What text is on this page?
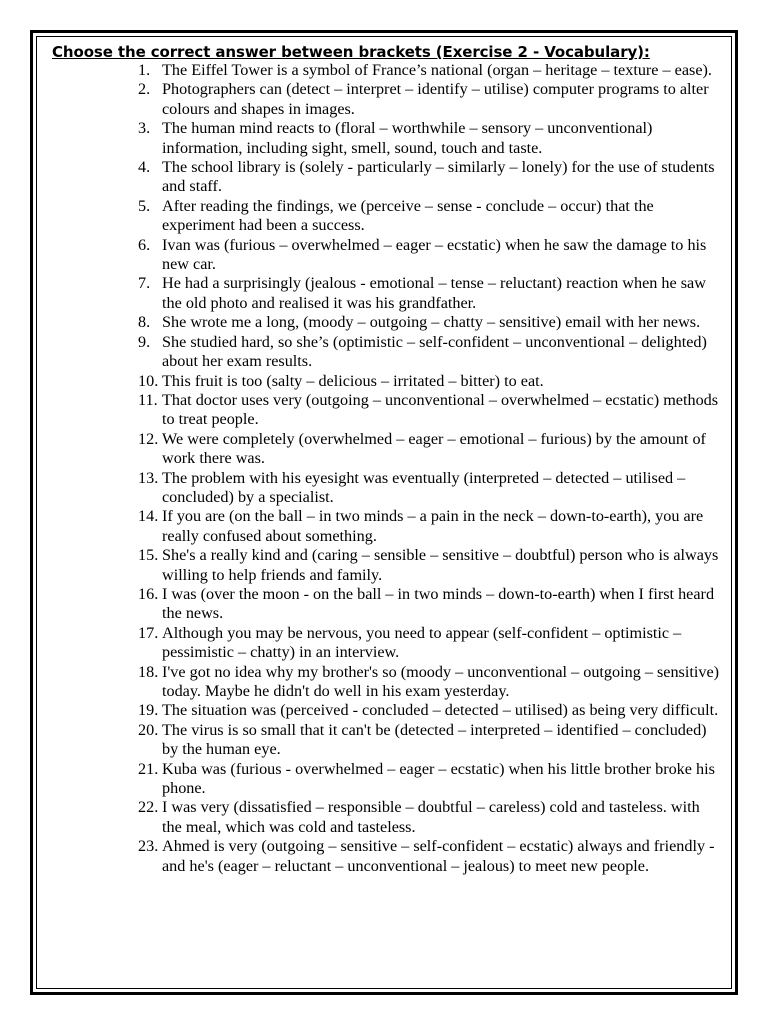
Choose the correct answer between brackets (Exercise 2 - Vocabulary):
1. The Eiffel Tower is a symbol of France’s national (organ – heritage – texture – ease).
2. Photographers can (detect – interpret – identify – utilise) computer programs to alter colours and shapes in images.
3. The human mind reacts to (floral – worthwhile – sensory – unconventional) information, including sight, smell, sound, touch and taste.
4. The school library is (solely - particularly – similarly – lonely) for the use of students and staff.
5. After reading the findings, we (perceive – sense - conclude – occur) that the experiment had been a success.
6. Ivan was (furious – overwhelmed – eager – ecstatic) when he saw the damage to his new car.
7. He had a surprisingly (jealous - emotional – tense – reluctant) reaction when he saw the old photo and realised it was his grandfather.
8. She wrote me a long, (moody – outgoing – chatty – sensitive) email with her news.
9. She studied hard, so she’s (optimistic – self-confident – unconventional – delighted) about her exam results.
10. This fruit is too (salty – delicious – irritated – bitter) to eat.
11. That doctor uses very (outgoing – unconventional – overwhelmed – ecstatic) methods to treat people.
12. We were completely (overwhelmed – eager – emotional – furious) by the amount of work there was.
13. The problem with his eyesight was eventually (interpreted – detected – utilised – concluded) by a specialist.
14. If you are (on the ball – in two minds – a pain in the neck – down-to-earth), you are really confused about something.
15. She's a really kind and (caring – sensible – sensitive – doubtful) person who is always willing to help friends and family.
16. I was (over the moon - on the ball – in two minds – down-to-earth) when I first heard the news.
17. Although you may be nervous, you need to appear (self-confident – optimistic – pessimistic – chatty) in an interview.
18. I've got no idea why my brother's so (moody – unconventional – outgoing – sensitive) today. Maybe he didn't do well in his exam yesterday.
19. The situation was (perceived - concluded – detected – utilised) as being very difficult.
20. The virus is so small that it can't be (detected – interpreted – identified – concluded) by the human eye.
21. Kuba was (furious - overwhelmed – eager – ecstatic) when his little brother broke his phone.
22. I was very (dissatisfied – responsible – doubtful – careless) cold and tasteless. with the meal, which was cold and tasteless.
23. Ahmed is very (outgoing – sensitive – self-confident – ecstatic) always and friendly - and he's (eager – reluctant – unconventional – jealous) to meet new people.
